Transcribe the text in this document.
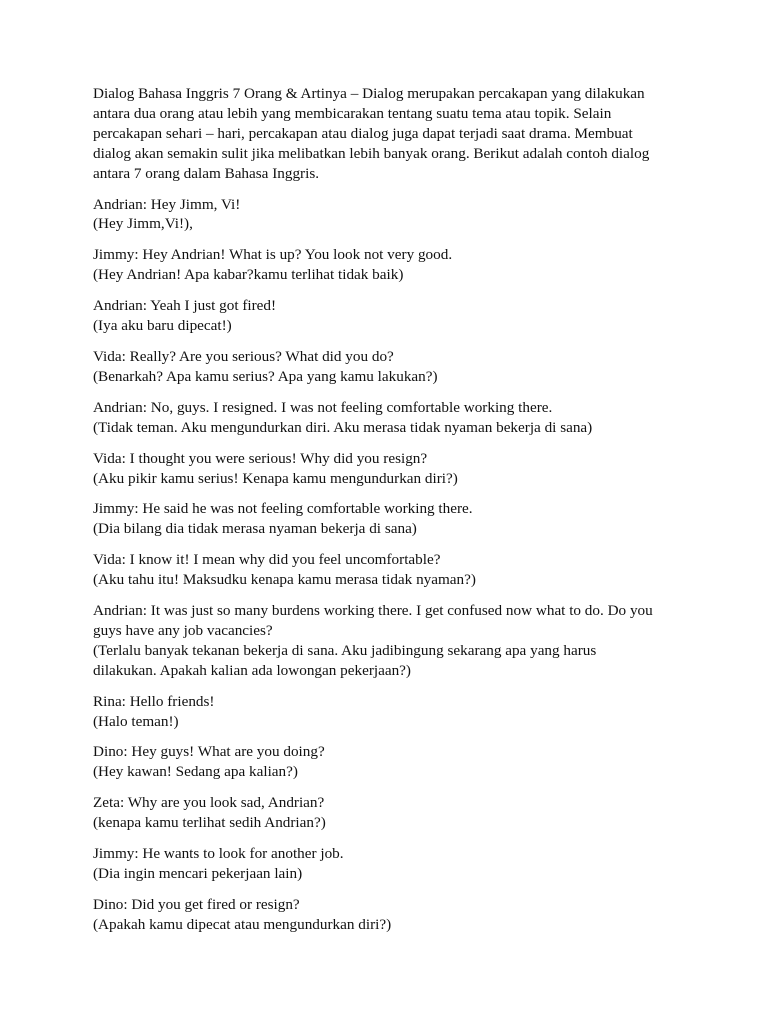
Dialog Bahasa Inggris 7 Orang & Artinya – Dialog merupakan percakapan yang dilakukan
antara dua orang atau lebih yang membicarakan tentang suatu tema atau topik. Selain
percakapan sehari – hari, percakapan atau dialog juga dapat terjadi saat drama. Membuat
dialog akan semakin sulit jika melibatkan lebih banyak orang. Berikut adalah contoh dialog
antara 7 orang dalam Bahasa Inggris.
Andrian: Hey Jimm, Vi!
(Hey Jimm,Vi!),
Jimmy: Hey Andrian! What is up? You look not very good.
(Hey Andrian! Apa kabar?kamu terlihat tidak baik)
Andrian: Yeah I just got fired!
(Iya aku baru dipecat!)
Vida: Really? Are you serious? What did you do?
(Benarkah? Apa kamu serius? Apa yang kamu lakukan?)
Andrian: No, guys. I resigned. I was not feeling comfortable working there.
(Tidak teman. Aku mengundurkan diri. Aku merasa tidak nyaman bekerja di sana)
Vida: I thought you were serious! Why did you resign?
(Aku pikir kamu serius! Kenapa kamu mengundurkan diri?)
Jimmy: He said he was not feeling comfortable working there.
(Dia bilang dia tidak merasa nyaman bekerja di sana)
Vida: I know it! I mean why did you feel uncomfortable?
(Aku tahu itu! Maksudku kenapa kamu merasa tidak nyaman?)
Andrian: It was just so many burdens working there. I get confused now what to do. Do you
guys have any job vacancies?
(Terlalu banyak tekanan bekerja di sana. Aku jadibingung sekarang apa yang harus
dilakukan. Apakah kalian ada lowongan pekerjaan?)
Rina: Hello friends!
(Halo teman!)
Dino: Hey guys! What are you doing?
(Hey kawan! Sedang apa kalian?)
Zeta: Why are you look sad, Andrian?
(kenapa kamu terlihat sedih Andrian?)
Jimmy: He wants to look for another job.
(Dia ingin mencari pekerjaan lain)
Dino: Did you get fired or resign?
(Apakah kamu dipecat atau mengundurkan diri?)
